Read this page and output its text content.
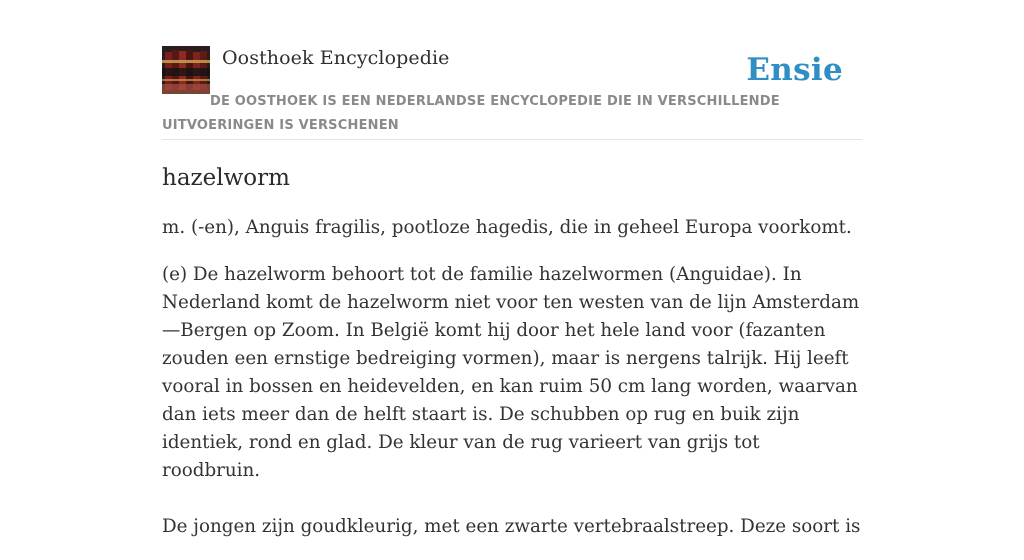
Oosthoek Encyclopedie	Ensie
DE OOSTHOEK IS EEN NEDERLANDSE ENCYCLOPEDIE DIE IN VERSCHILLENDE UITVOERINGEN IS VERSCHENEN
hazelworm

m. (-en), Anguis fragilis, pootloze hagedis, die in geheel Europa voorkomt.

(e) De hazelworm behoort tot de familie hazelwormen (Anguidae). In Nederland komt de hazelworm niet voor ten westen van de lijn Amsterdam—Bergen op Zoom. In België komt hij door het hele land voor (fazanten zouden een ernstige bedreiging vormen), maar is nergens talrijk. Hij leeft vooral in bossen en heidevelden, en kan ruim 50 cm lang worden, waarvan dan iets meer dan de helft staart is. De schubben op rug en buik zijn identiek, rond en glad. De kleur van de rug varieert van grijs tot roodbruin.

De jongen zijn goudkleurig, met een zwarte vertebraalstreep. Deze soort is
